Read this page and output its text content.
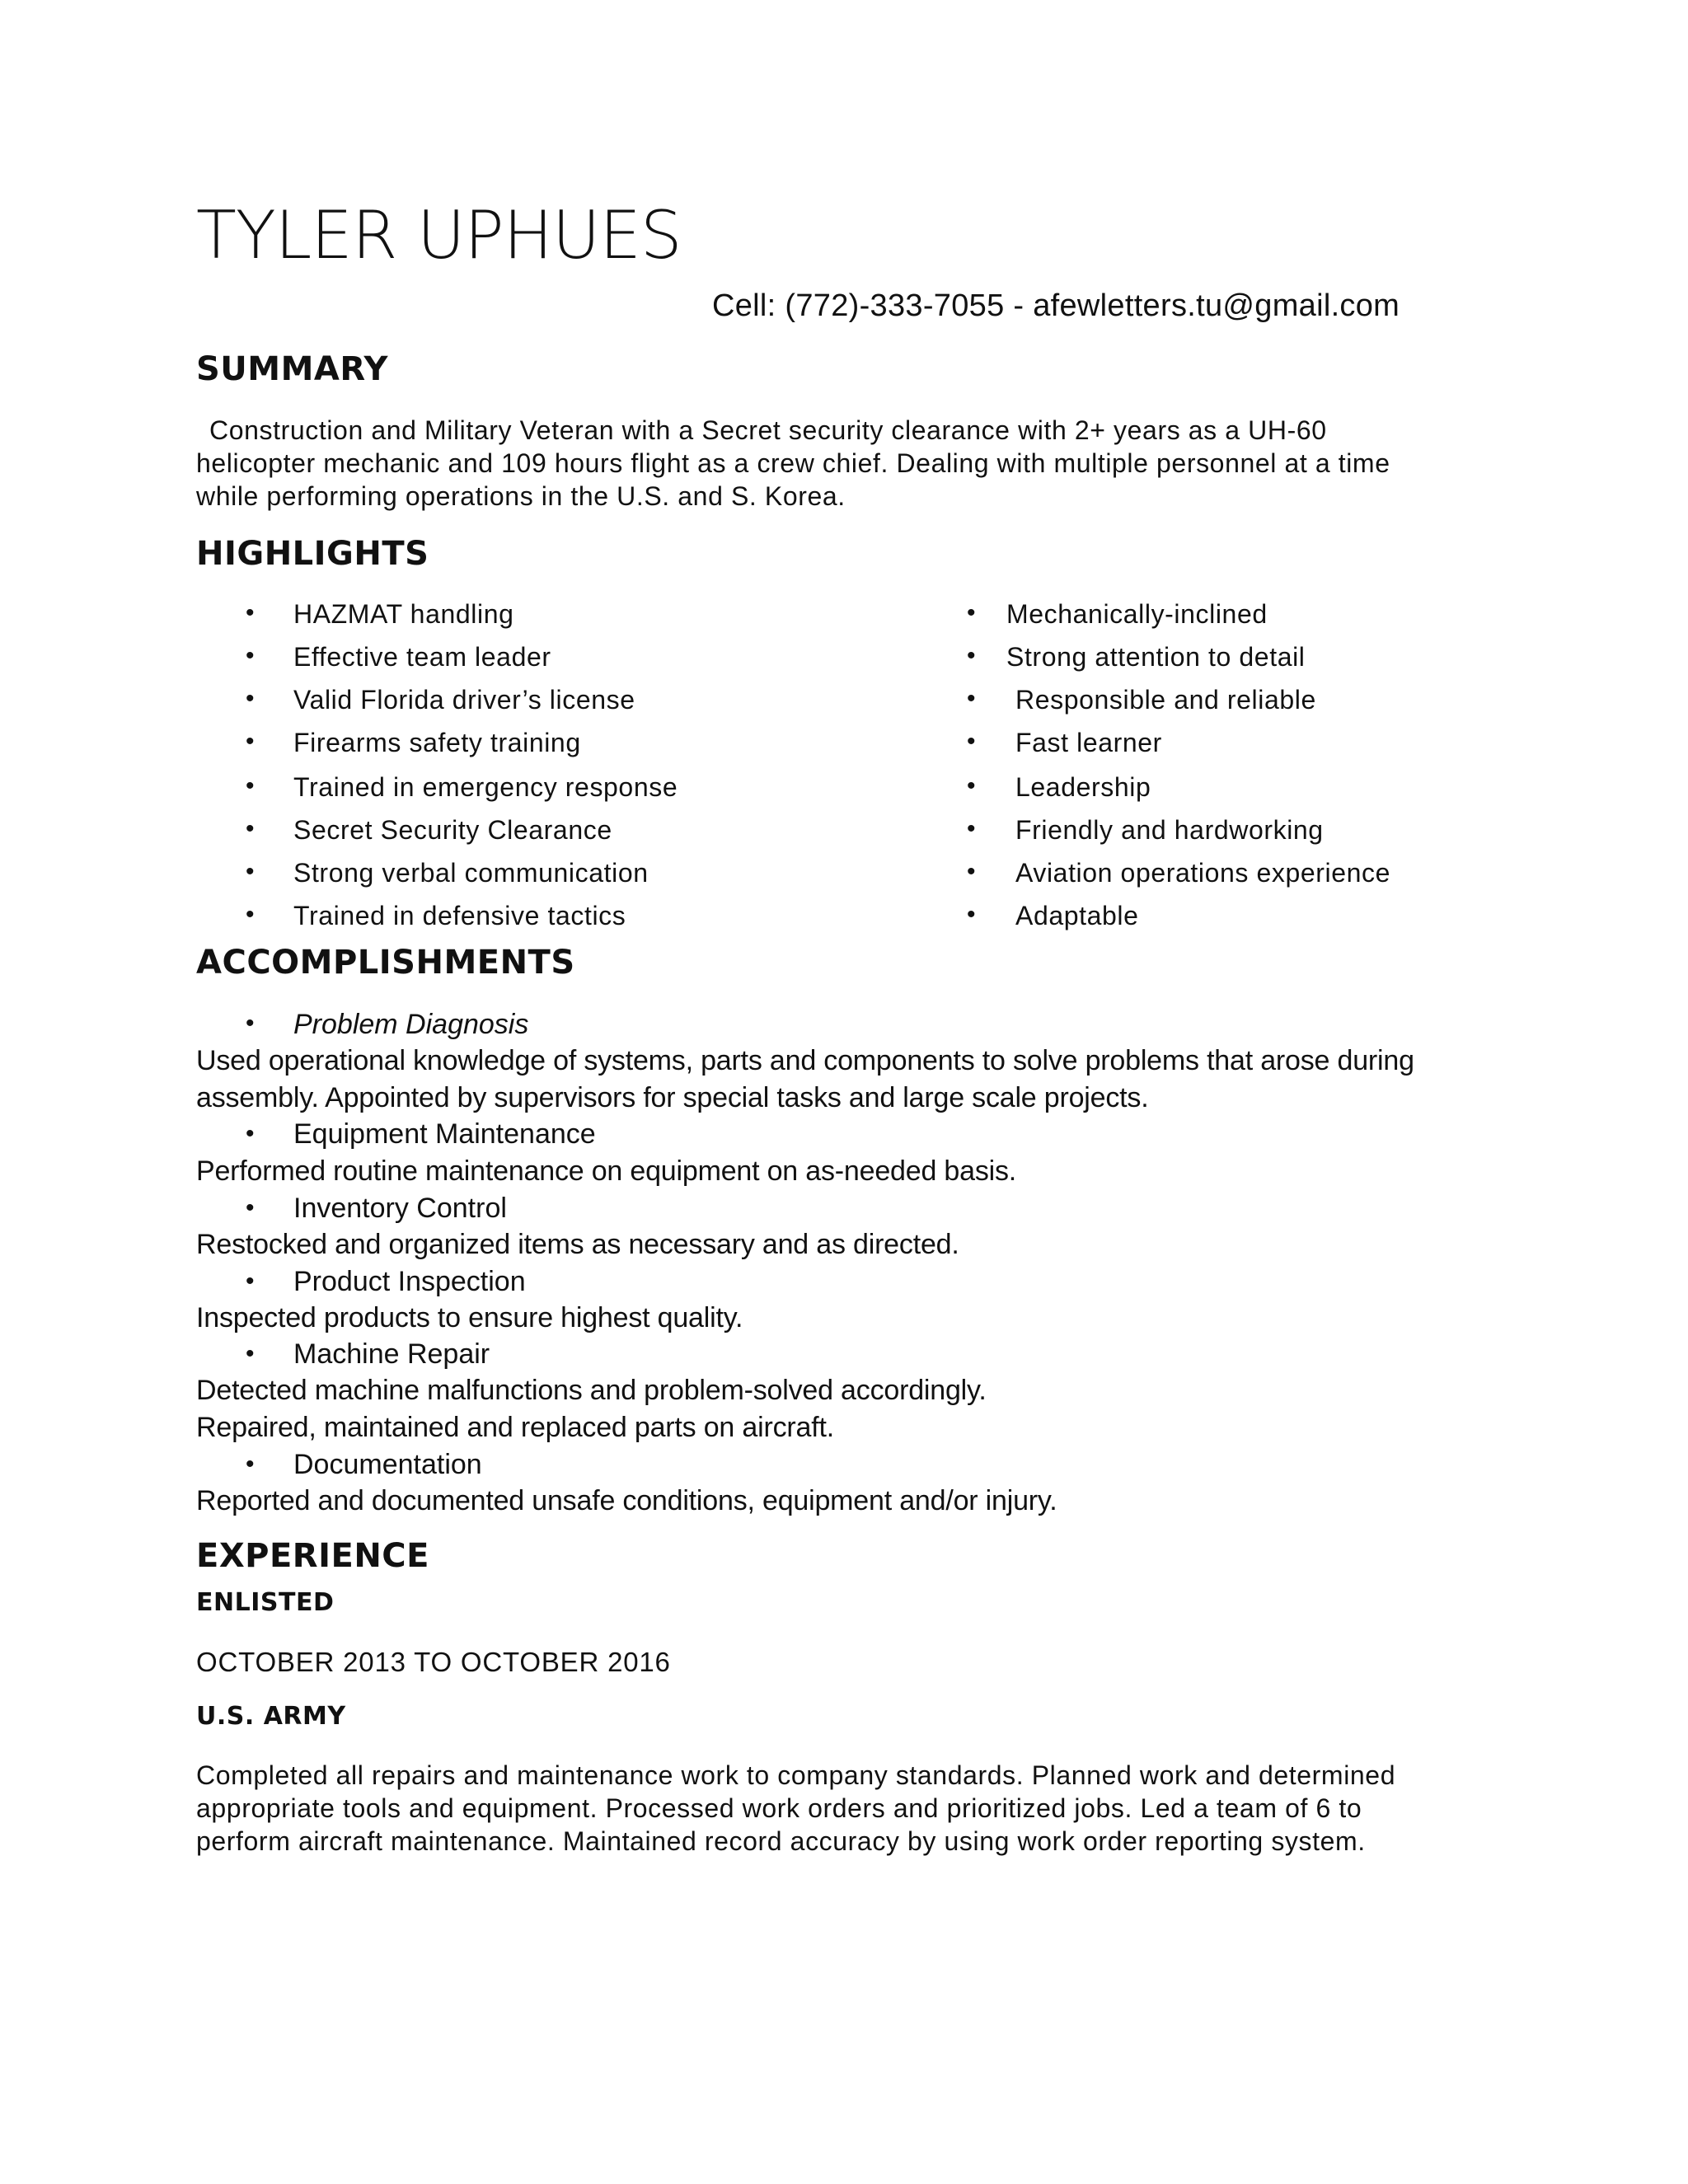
TYLER UPHUES
Cell: (772)-333-7055 - afewletters.tu@gmail.com
SUMMARY
Construction and Military Veteran with a Secret security clearance with 2+ years as a UH-60
helicopter mechanic and 109 hours flight as a crew chief. Dealing with multiple personnel at a time
while performing operations in the U.S. and S. Korea.
HIGHLIGHTS
• HAZMAT handling
• Effective team leader
• Valid Florida driver’s license
• Firearms safety training
• Trained in emergency response
• Secret Security Clearance
• Strong verbal communication
• Trained in defensive tactics
• Mechanically-inclined
• Strong attention to detail
• Responsible and reliable
• Fast learner
• Leadership
• Friendly and hardworking
• Aviation operations experience
• Adaptable
ACCOMPLISHMENTS
• Problem Diagnosis
Used operational knowledge of systems, parts and components to solve problems that arose during
assembly. Appointed by supervisors for special tasks and large scale projects.
• Equipment Maintenance
Performed routine maintenance on equipment on as-needed basis.
• Inventory Control
Restocked and organized items as necessary and as directed.
• Product Inspection
Inspected products to ensure highest quality.
• Machine Repair
Detected machine malfunctions and problem-solved accordingly.
Repaired, maintained and replaced parts on aircraft.
• Documentation
Reported and documented unsafe conditions, equipment and/or injury.
EXPERIENCE
ENLISTED
OCTOBER 2013 TO OCTOBER 2016
U.S. ARMY
Completed all repairs and maintenance work to company standards. Planned work and determined
appropriate tools and equipment. Processed work orders and prioritized jobs. Led a team of 6 to
perform aircraft maintenance. Maintained record accuracy by using work order reporting system.
